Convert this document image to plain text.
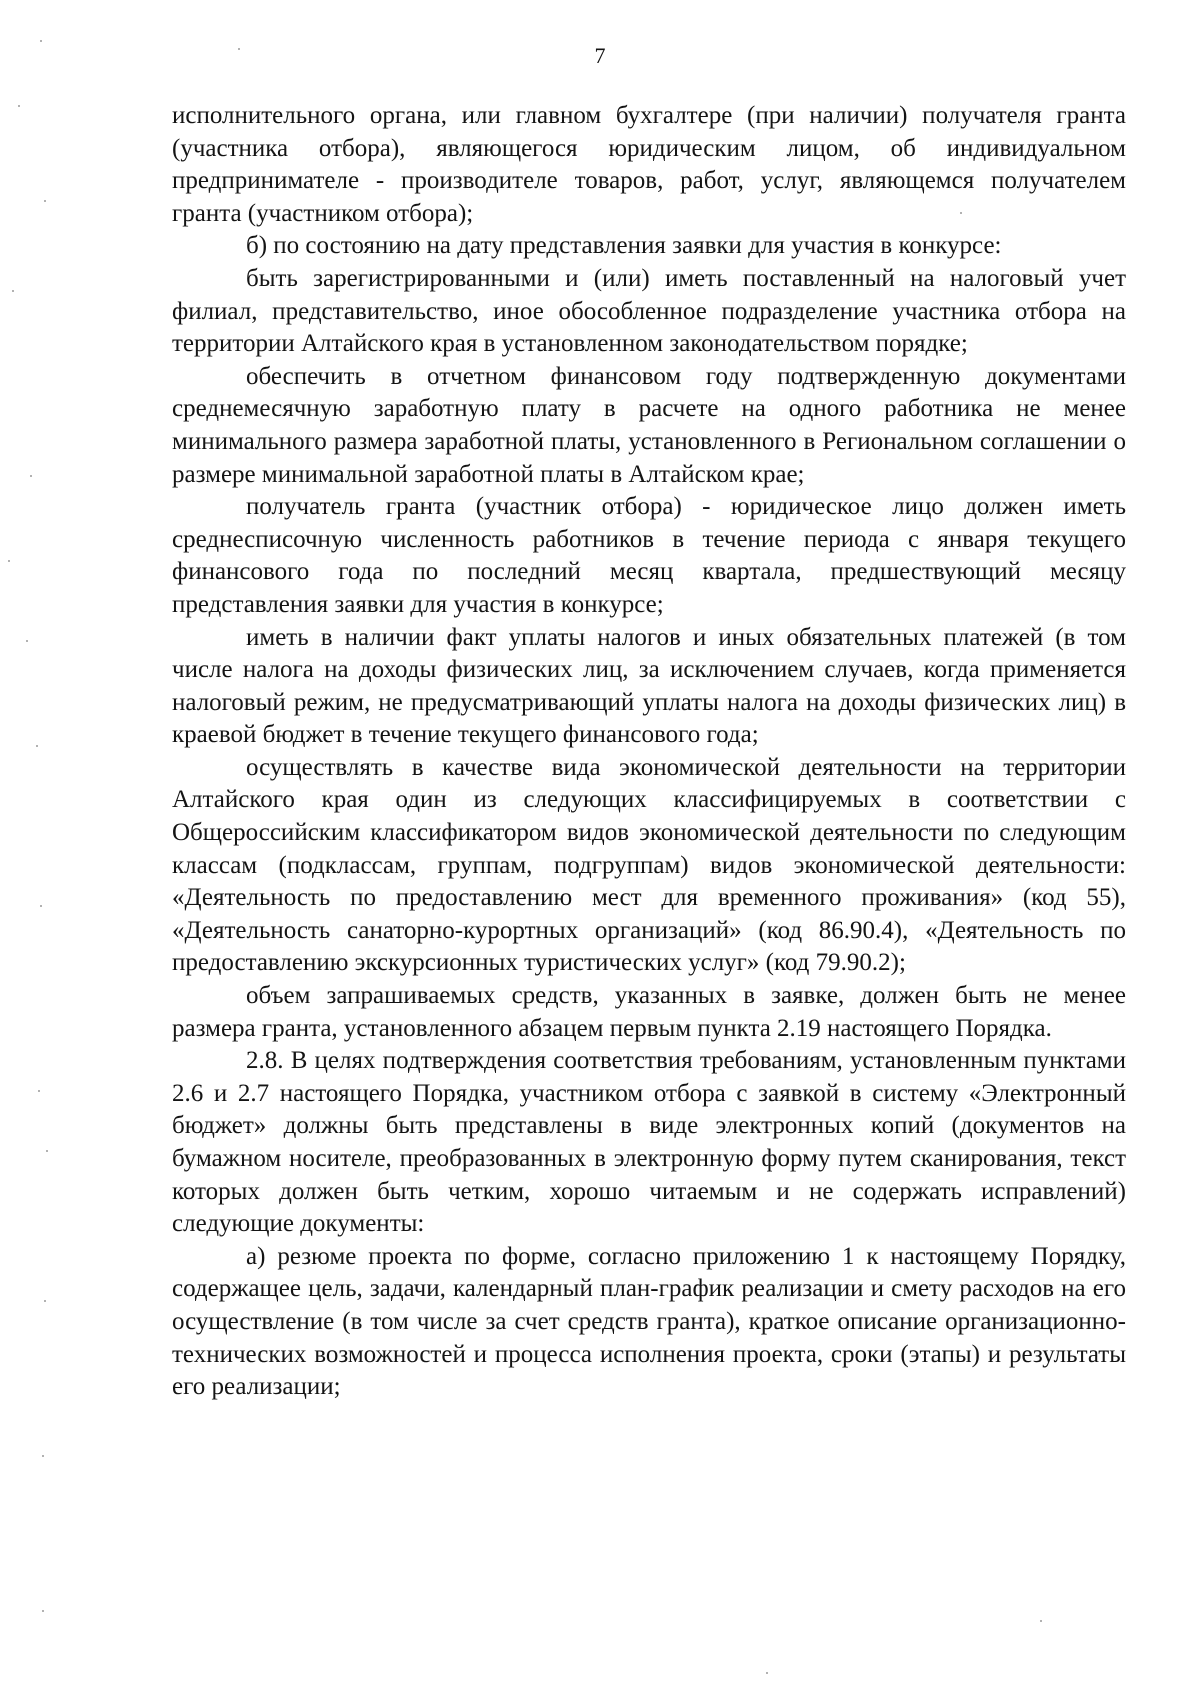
7

исполнительного органа, или главном бухгалтере (при наличии) получателя гранта (участника отбора), являющегося юридическим лицом, об индивидуальном предпринимателе - производителе товаров, работ, услуг, являющемся получателем гранта (участником отбора);

б) по состоянию на дату представления заявки для участия в конкурсе:

быть зарегистрированными и (или) иметь поставленный на налоговый учет филиал, представительство, иное обособленное подразделение участника отбора на территории Алтайского края в установленном законодательством порядке;

обеспечить в отчетном финансовом году подтвержденную документами среднемесячную заработную плату в расчете на одного работника не менее минимального размера заработной платы, установленного в Региональном соглашении о размере минимальной заработной платы в Алтайском крае;

получатель гранта (участник отбора) - юридическое лицо должен иметь среднесписочную численность работников в течение периода с января текущего финансового года по последний месяц квартала, предшествующий месяцу представления заявки для участия в конкурсе;

иметь в наличии факт уплаты налогов и иных обязательных платежей (в том числе налога на доходы физических лиц, за исключением случаев, когда применяется налоговый режим, не предусматривающий уплаты налога на доходы физических лиц) в краевой бюджет в течение текущего финансового года;

осуществлять в качестве вида экономической деятельности на территории Алтайского края один из следующих классифицируемых в соответствии с Общероссийским классификатором видов экономической деятельности по следующим классам (подклассам, группам, подгруппам) видов экономической деятельности: «Деятельность по предоставлению мест для временного проживания» (код 55), «Деятельность санаторно-курортных организаций» (код 86.90.4), «Деятельность по предоставлению экскурсионных туристических услуг» (код 79.90.2);

объем запрашиваемых средств, указанных в заявке, должен быть не менее размера гранта, установленного абзацем первым пункта 2.19 настоящего Порядка.

2.8. В целях подтверждения соответствия требованиям, установленным пунктами 2.6 и 2.7 настоящего Порядка, участником отбора с заявкой в систему «Электронный бюджет» должны быть представлены в виде электронных копий (документов на бумажном носителе, преобразованных в электронную форму путем сканирования, текст которых должен быть четким, хорошо читаемым и не содержать исправлений) следующие документы:

а) резюме проекта по форме, согласно приложению 1 к настоящему Порядку, содержащее цель, задачи, календарный план-график реализации и смету расходов на его осуществление (в том числе за счет средств гранта), краткое описание организационно-технических возможностей и процесса исполнения проекта, сроки (этапы) и результаты его реализации;
